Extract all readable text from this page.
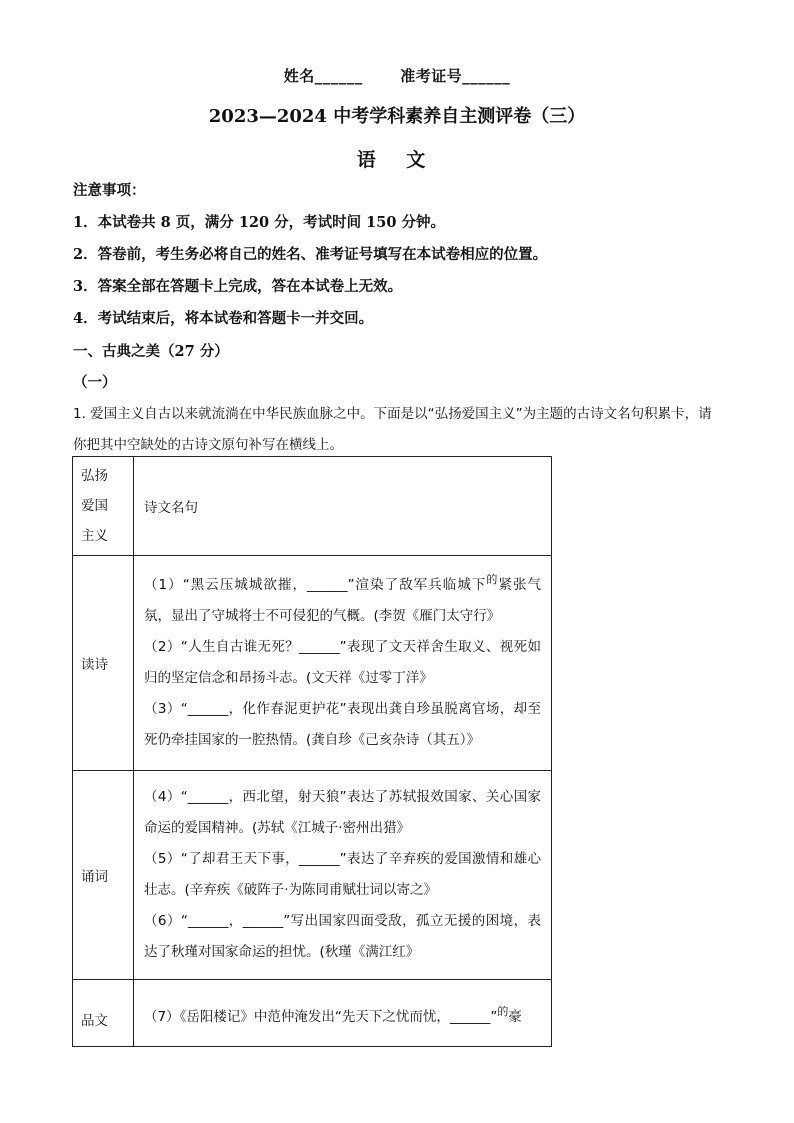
姓名______ 准考证号______
2023—2024 中考学科素养自主测评卷（三）
语 文
注意事项：
1．本试卷共 8 页，满分 120 分，考试时间 150 分钟。
2．答卷前，考生务必将自己的姓名、准考证号填写在本试卷相应的位置。
3．答案全部在答题卡上完成，答在本试卷上无效。
4．考试结束后，将本试卷和答题卡一并交回。
一、古典之美（27 分）
（一）
1. 爱国主义自古以来就流淌在中华民族血脉之中。下面是以“弘扬爱国主义”为主题的古诗文名句积累卡，请你把其中空缺处的古诗文原句补写在横线上。
弘扬爱国主义	诗文名句
读诗	（1）“黑云压城城欲摧，______”渲染了敌军兵临城下$^的$紧张气氛，显出了守城将士不可侵犯的气概。(李贺《雁门太守行》
（2）“人生自古谁无死？______”表现了文天祥舍生取义、视死如归的坚定信念和昂扬斗志。(文天祥《过零丁洋》
（3）“______，化作春泥更护花”表现出龚自珍虽脱离官场，却至死仍牵挂国家的一腔热情。(龚自珍《己亥杂诗（其五）》

诵词	（4）“______，西北望，射天狼”表达了苏轼报效国家、关心国家命运的爱国精神。(苏轼《江城子·密州出猎》
（5）“了却君王天下事，______”表达了辛弃疾的爱国激情和雄心壮志。(辛弃疾《破阵子·为陈同甫赋壮词以寄之》
（6）“______，______”写出国家四面受敌，孤立无援的困境，表达了秋瑾对国家命运的担忧。(秋瑾《满江红》

品文	（7）《岳阳楼记》中范仲淹发出“先天下之忧而忧，______”$^的$豪
